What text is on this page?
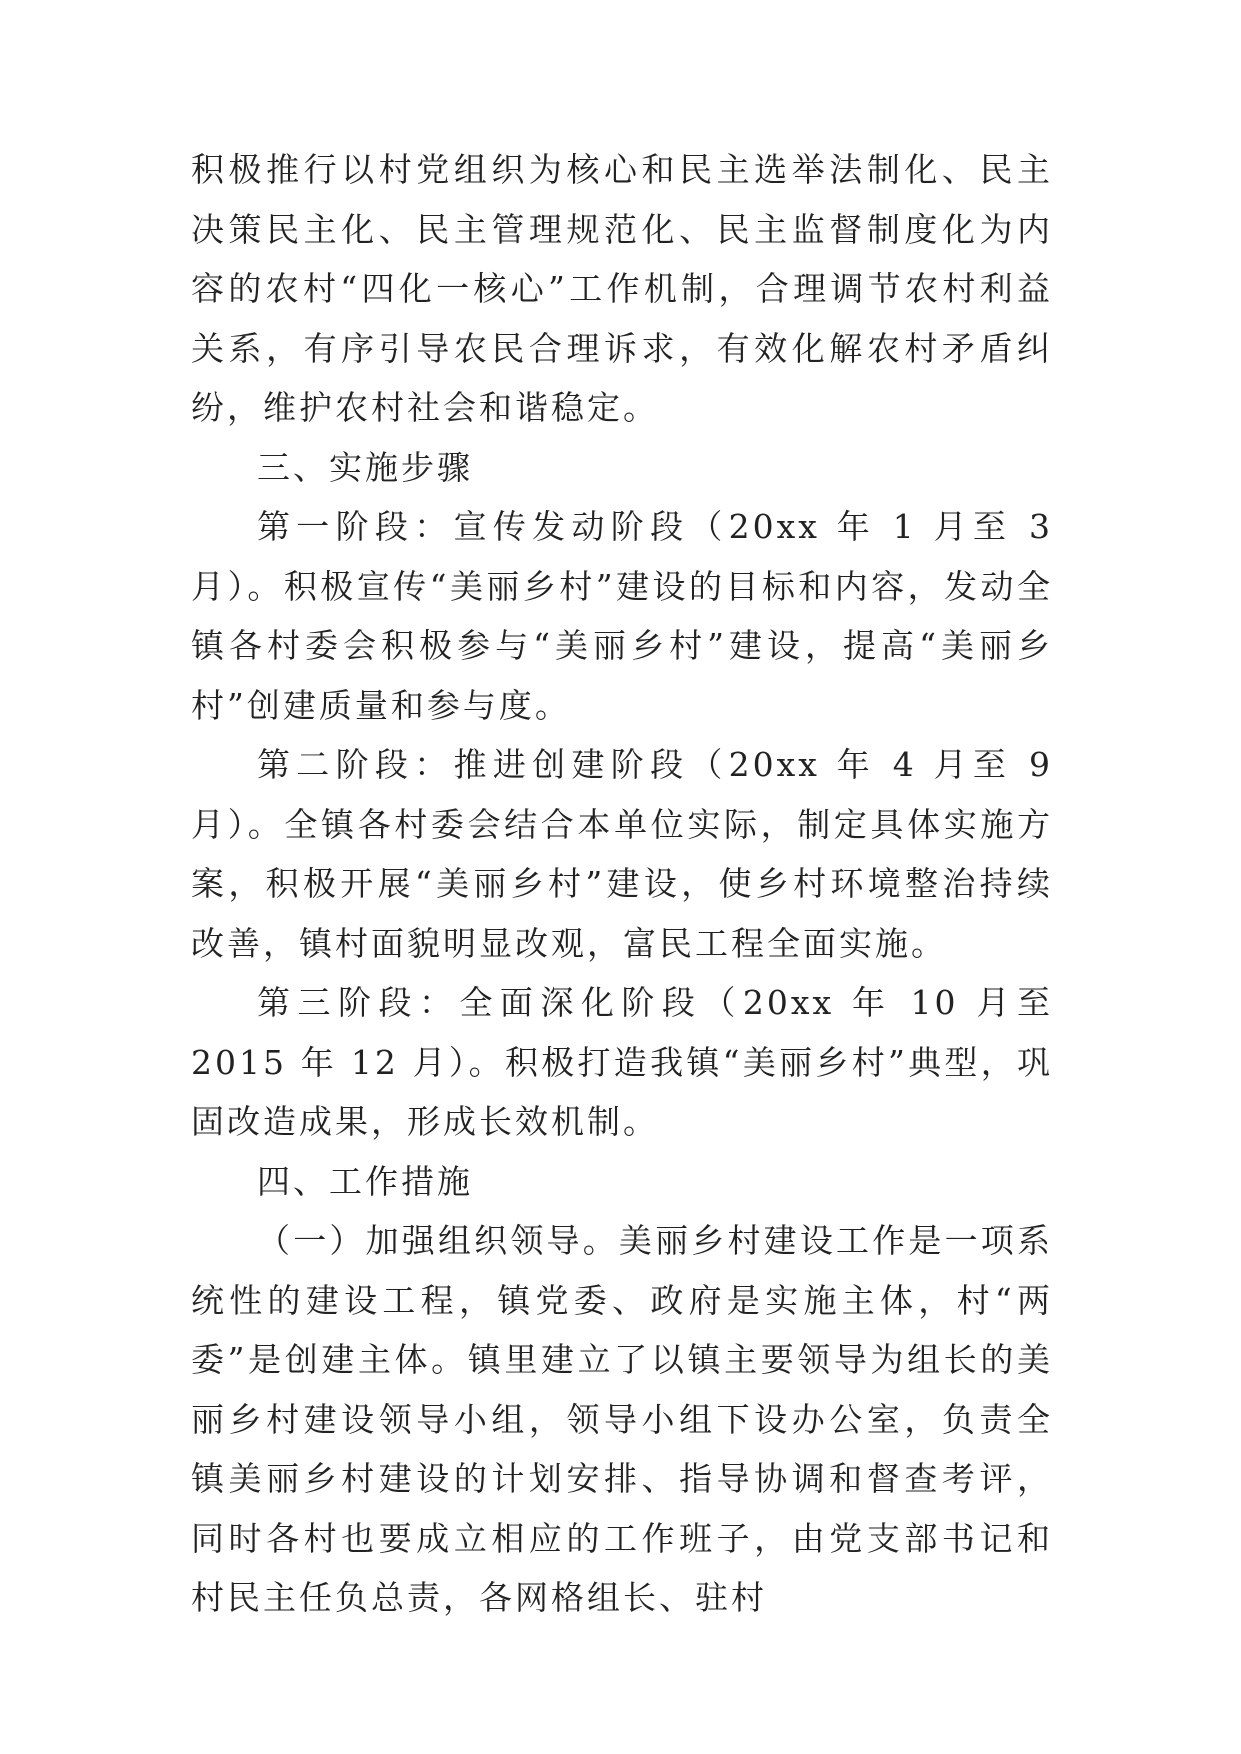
积极推行以村党组织为核心和民主选举法制化、民主决策民主化、民主管理规范化、民主监督制度化为内容的农村“四化一核心”工作机制，合理调节农村利益关系，有序引导农民合理诉求，有效化解农村矛盾纠纷，维护农村社会和谐稳定。

三、实施步骤

第一阶段：宣传发动阶段（20xx 年 1 月至 3 月）。积极宣传“美丽乡村”建设的目标和内容，发动全镇各村委会积极参与“美丽乡村”建设，提高“美丽乡村”创建质量和参与度。

第二阶段：推进创建阶段（20xx 年 4 月至 9 月）。全镇各村委会结合本单位实际，制定具体实施方案，积极开展“美丽乡村”建设，使乡村环境整治持续改善，镇村面貌明显改观，富民工程全面实施。

第三阶段：全面深化阶段（20xx 年 10 月至 2015 年 12 月）。积极打造我镇“美丽乡村”典型，巩固改造成果，形成长效机制。

四、工作措施

（一）加强组织领导。美丽乡村建设工作是一项系统性的建设工程，镇党委、政府是实施主体，村“两委”是创建主体。镇里建立了以镇主要领导为组长的美丽乡村建设领导小组，领导小组下设办公室，负责全镇美丽乡村建设的计划安排、指导协调和督查考评，同时各村也要成立相应的工作班子，由党支部书记和村民主任负总责，各网格组长、驻村
